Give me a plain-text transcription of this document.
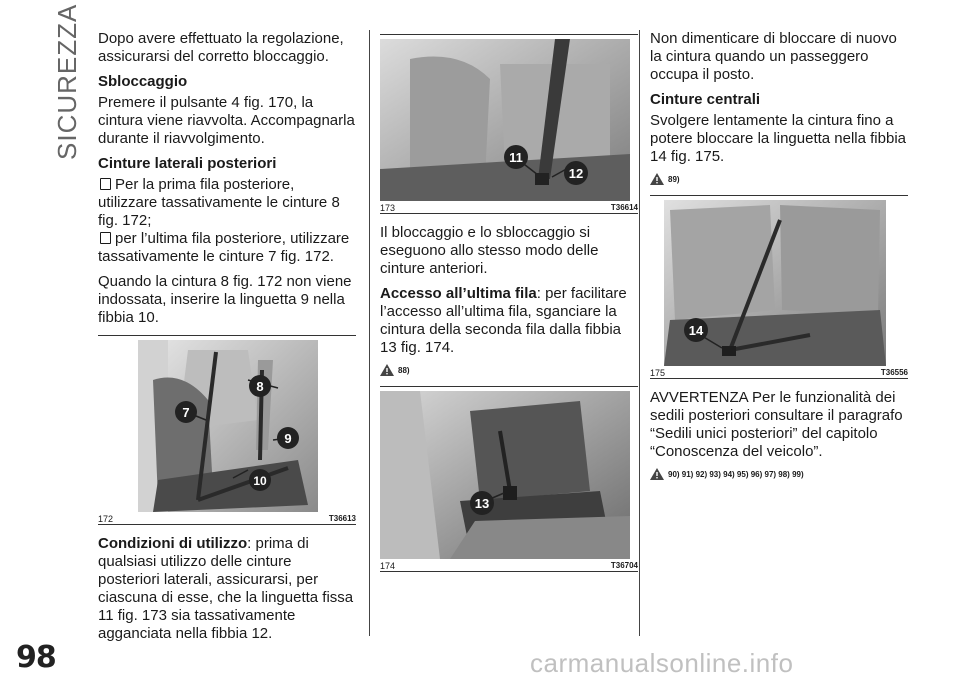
SICUREZZA
98

Dopo avere effettuato la regolazione, assicurarsi del corretto bloccaggio.

Sbloccaggio

Premere il pulsante 4 fig. 170, la cintura viene riavvolta. Accompagnarla durante il riavvolgimento.

Cinture laterali posteriori

Per la prima fila posteriore, utilizzare tassativamente le cinture 8 fig. 172;

per l’ultima fila posteriore, utilizzare tassativamente le cinture 7 fig. 172.

Quando la cintura 8 fig. 172 non viene indossata, inserire la linguetta 9 nella fibbia 10.

8
7
9
10
172	T36613

Condizioni di utilizzo: prima di qualsiasi utilizzo delle cinture posteriori laterali, assicurarsi, per ciascuna di esse, che la linguetta fissa 11 fig. 173 sia tassativamente agganciata nella fibbia 12.

11
12
173	T36614

Il bloccaggio e lo sbloccaggio si eseguono allo stesso modo delle cinture anteriori.

Accesso all’ultima fila: per facilitare l’accesso all’ultima fila, sganciare la cintura della seconda fila dalla fibbia 13 fig. 174.

88)
13
174	T36704

Non dimenticare di bloccare di nuovo la cintura quando un passeggero occupa il posto.

Cinture centrali

Svolgere lentamente la cintura fino a potere bloccare la linguetta nella fibbia 14 fig. 175.

89)
14
175	T36556

AVVERTENZA Per le funzionalità dei sedili posteriori consultare il paragrafo “Sedili unici posteriori” del capitolo “Conoscenza del veicolo”.

90) 91) 92) 93) 94) 95) 96) 97) 98) 99)
carmanualsonline.info
